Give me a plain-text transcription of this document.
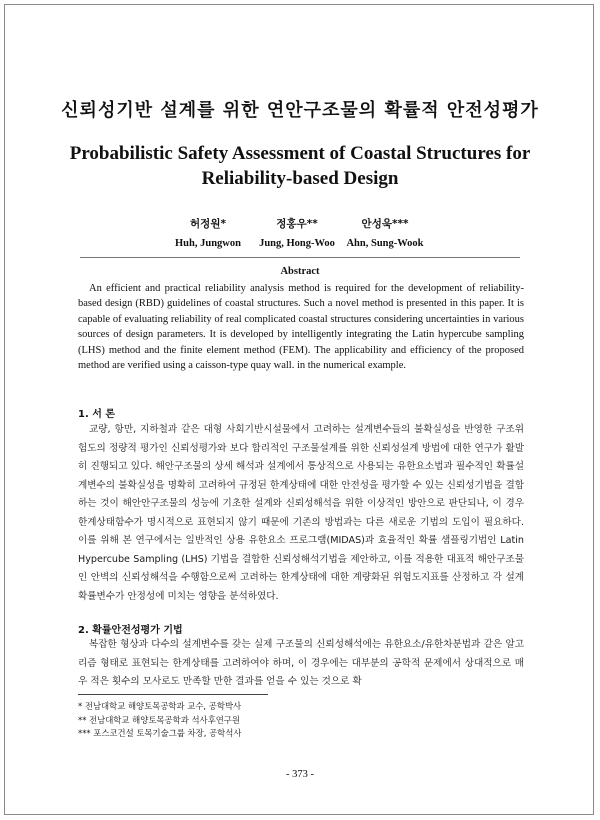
신뢰성기반 설계를 위한 연안구조물의 확률적 안전성평가
Probabilistic Safety Assessment of Coastal Structures for
Reliability-based Design
허정원*
Huh, Jungwon
정홍우**
Jung, Hong-Woo
안성욱***
Ahn, Sung-Wook
Abstract
An efficient and practical reliability analysis method is required for the development of reliability-based design (RBD) guidelines of coastal structures. Such a novel method is presented in this paper. It is capable of evaluating reliability of real complicated coastal structures considering uncertainties in various sources of design parameters. It is developed by intelligently integrating the Latin hypercube sampling (LHS) method and the finite element method (FEM). The applicability and efficiency of the proposed method are verified using a caisson-type quay wall. in the numerical example.
1. 서 론
교량, 항만, 지하철과 같은 대형 사회기반시설물에서 고려하는 설계변수들의 불확실성을 반영한 구조위험도의 정량적 평가인 신뢰성평가와 보다 합리적인 구조물설계를 위한 신뢰성설계 방법에 대한 연구가 활발히 진행되고 있다. 해안구조물의 상세 해석과 설계에서 통상적으로 사용되는 유한요소법과 필수적인 확률설계변수의 불확실성을 명확히 고려하여 규정된 한계상태에 대한 안전성을 평가할 수 있는 신뢰성기법을 결합하는 것이 해안안구조물의 성능에 기초한 설계와 신뢰성해석을 위한 이상적인 방안으로 판단되나, 이 경우 한계상태함수가 명시적으로 표현되지 않기 때문에 기존의 방법과는 다른 새로운 기법의 도입이 필요하다. 이를 위해 본 연구에서는 일반적인 상용 유한요소 프로그램(MIDAS)과 효율적인 확률 샘플링기법인 Latin Hypercube Sampling (LHS) 기법을 결합한 신뢰성해석기법을 제안하고, 이를 적용한 대표적 해안구조물인 안벽의 신뢰성해석을 수행함으로써 고려하는 한계상태에 대한 계량화된 위험도지표를 산정하고 각 설계 확률변수가 안정성에 미치는 영향을 분석하였다.
2. 확률안전성평가 기법
복잡한 형상과 다수의 설계변수를 갖는 실제 구조물의 신뢰성해석에는 유한요소/유한차분법과 같은 알고리즘 형태로 표현되는 한계상태를 고려하여야 하며, 이 경우에는 대부분의 공학적 문제에서 상대적으로 매우 적은 횟수의 모사로도 만족할 만한 결과를 얻을 수 있는 것으로 확
* 전남대학교 해양토목공학과 교수, 공학박사
** 전남대학교 해양토목공학과 석사후연구원
*** 포스코건설 토목기술그룹 차장, 공학석사
- 373 -
